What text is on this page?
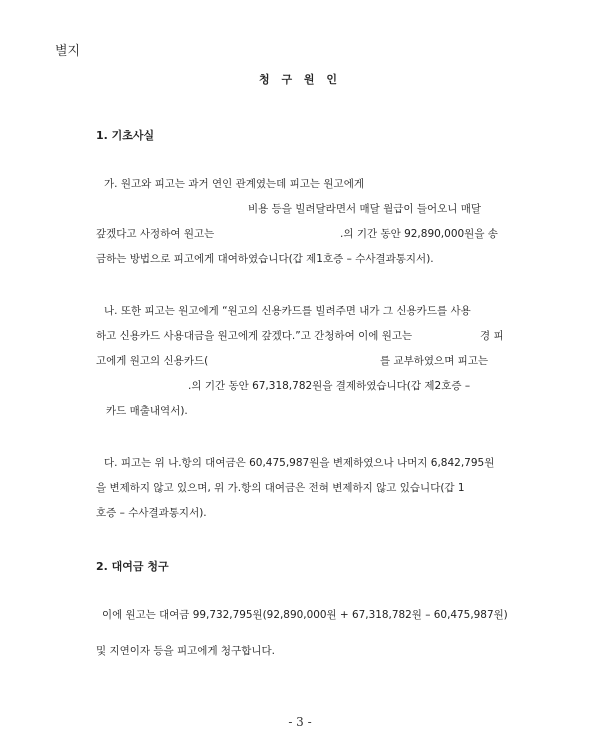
별지
청 구 원 인
1. 기초사실
가. 원고와 피고는 과거 연인 관계였는데 피고는 원고에게
비용 등을 빌려달라면서 매달 월급이 들어오니 매달
갚겠다고 사정하여 원고는	.의 기간 동안 92,890,000원을 송
금하는 방법으로 피고에게 대여하였습니다(갑 제1호증 – 수사결과통지서).
나. 또한 피고는 원고에게 “원고의 신용카드를 빌려주면 내가 그 신용카드를 사용
하고 신용카드 사용대금을 원고에게 갚겠다.”고 간청하여 이에 원고는	경 피
고에게 원고의 신용카드(	를 교부하였으며 피고는
.의 기간 동안 67,318,782원을 결제하였습니다(갑 제2호증 –
카드 매출내역서).
다. 피고는 위 나.항의 대여금은 60,475,987원을 변제하였으나 나머지 6,842,795원
을 변제하지 않고 있으며, 위 가.항의 대여금은 전혀 변제하지 않고 있습니다(갑 1
호증 – 수사결과통지서).
2. 대여금 청구
이에 원고는 대여금 99,732,795원(92,890,000원 + 67,318,782원 – 60,475,987원)
및 지연이자 등을 피고에게 청구합니다.
- 3 -
